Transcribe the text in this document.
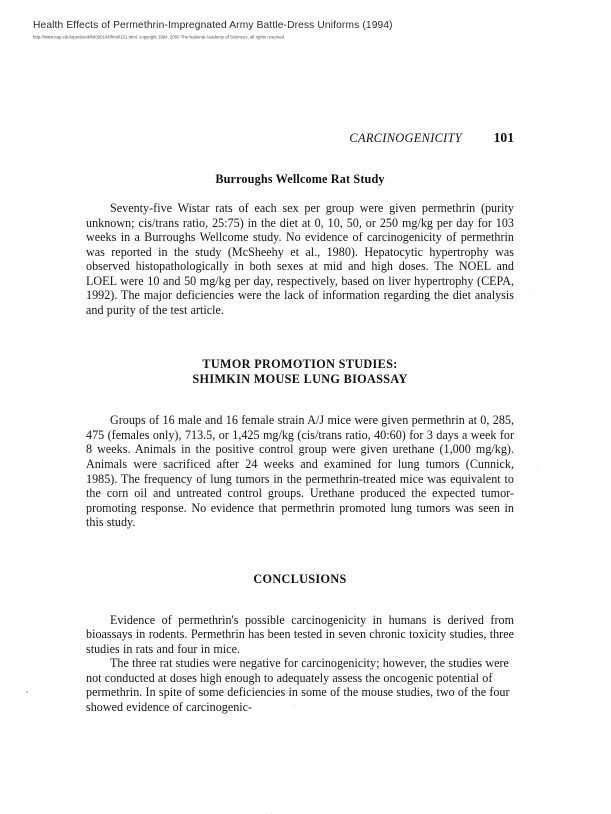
Health Effects of Permethrin-Impregnated Army Battle-Dress Uniforms (1994)
http://www.nap.edu/openbook/NI000104/html/101.html, copyright 1994, 2000 The National Academy of Sciences, all rights reserved
CARCINOGENICITY 101
Burroughs Wellcome Rat Study

Seventy-five Wistar rats of each sex per group were given permethrin (purity unknown; cis/trans ratio, 25:75) in the diet at 0, 10, 50, or 250 mg/kg per day for 103 weeks in a Burroughs Wellcome study. No evidence of carcinogenicity of permethrin was reported in the study (McSheehy et al., 1980). Hepatocytic hypertrophy was observed histopathologically in both sexes at mid and high doses. The NOEL and LOEL were 10 and 50 mg/kg per day, respectively, based on liver hypertrophy (CEPA, 1992). The major deficiencies were the lack of information regarding the diet analysis and purity of the test article.

TUMOR PROMOTION STUDIES:
SHIMKIN MOUSE LUNG BIOASSAY

Groups of 16 male and 16 female strain A/J mice were given permethrin at 0, 285, 475 (females only), 713.5, or 1,425 mg/kg (cis/trans ratio, 40:60) for 3 days a week for 8 weeks. Animals in the positive control group were given urethane (1,000 mg/kg). Animals were sacrificed after 24 weeks and examined for lung tumors (Cunnick, 1985). The frequency of lung tumors in the permethrin-treated mice was equivalent to the corn oil and untreated control groups. Urethane produced the expected tumor-promoting response. No evidence that permethrin promoted lung tumors was seen in this study.

CONCLUSIONS

Evidence of permethrin's possible carcinogenicity in humans is derived from bioassays in rodents. Permethrin has been tested in seven chronic toxicity studies, three studies in rats and four in mice.

The three rat studies were negative for carcinogenicity; however, the studies were not conducted at doses high enough to adequately assess the oncogenic potential of permethrin. In spite of some deficiencies in some of the mouse studies, two of the four showed evidence of carcinogenic-
